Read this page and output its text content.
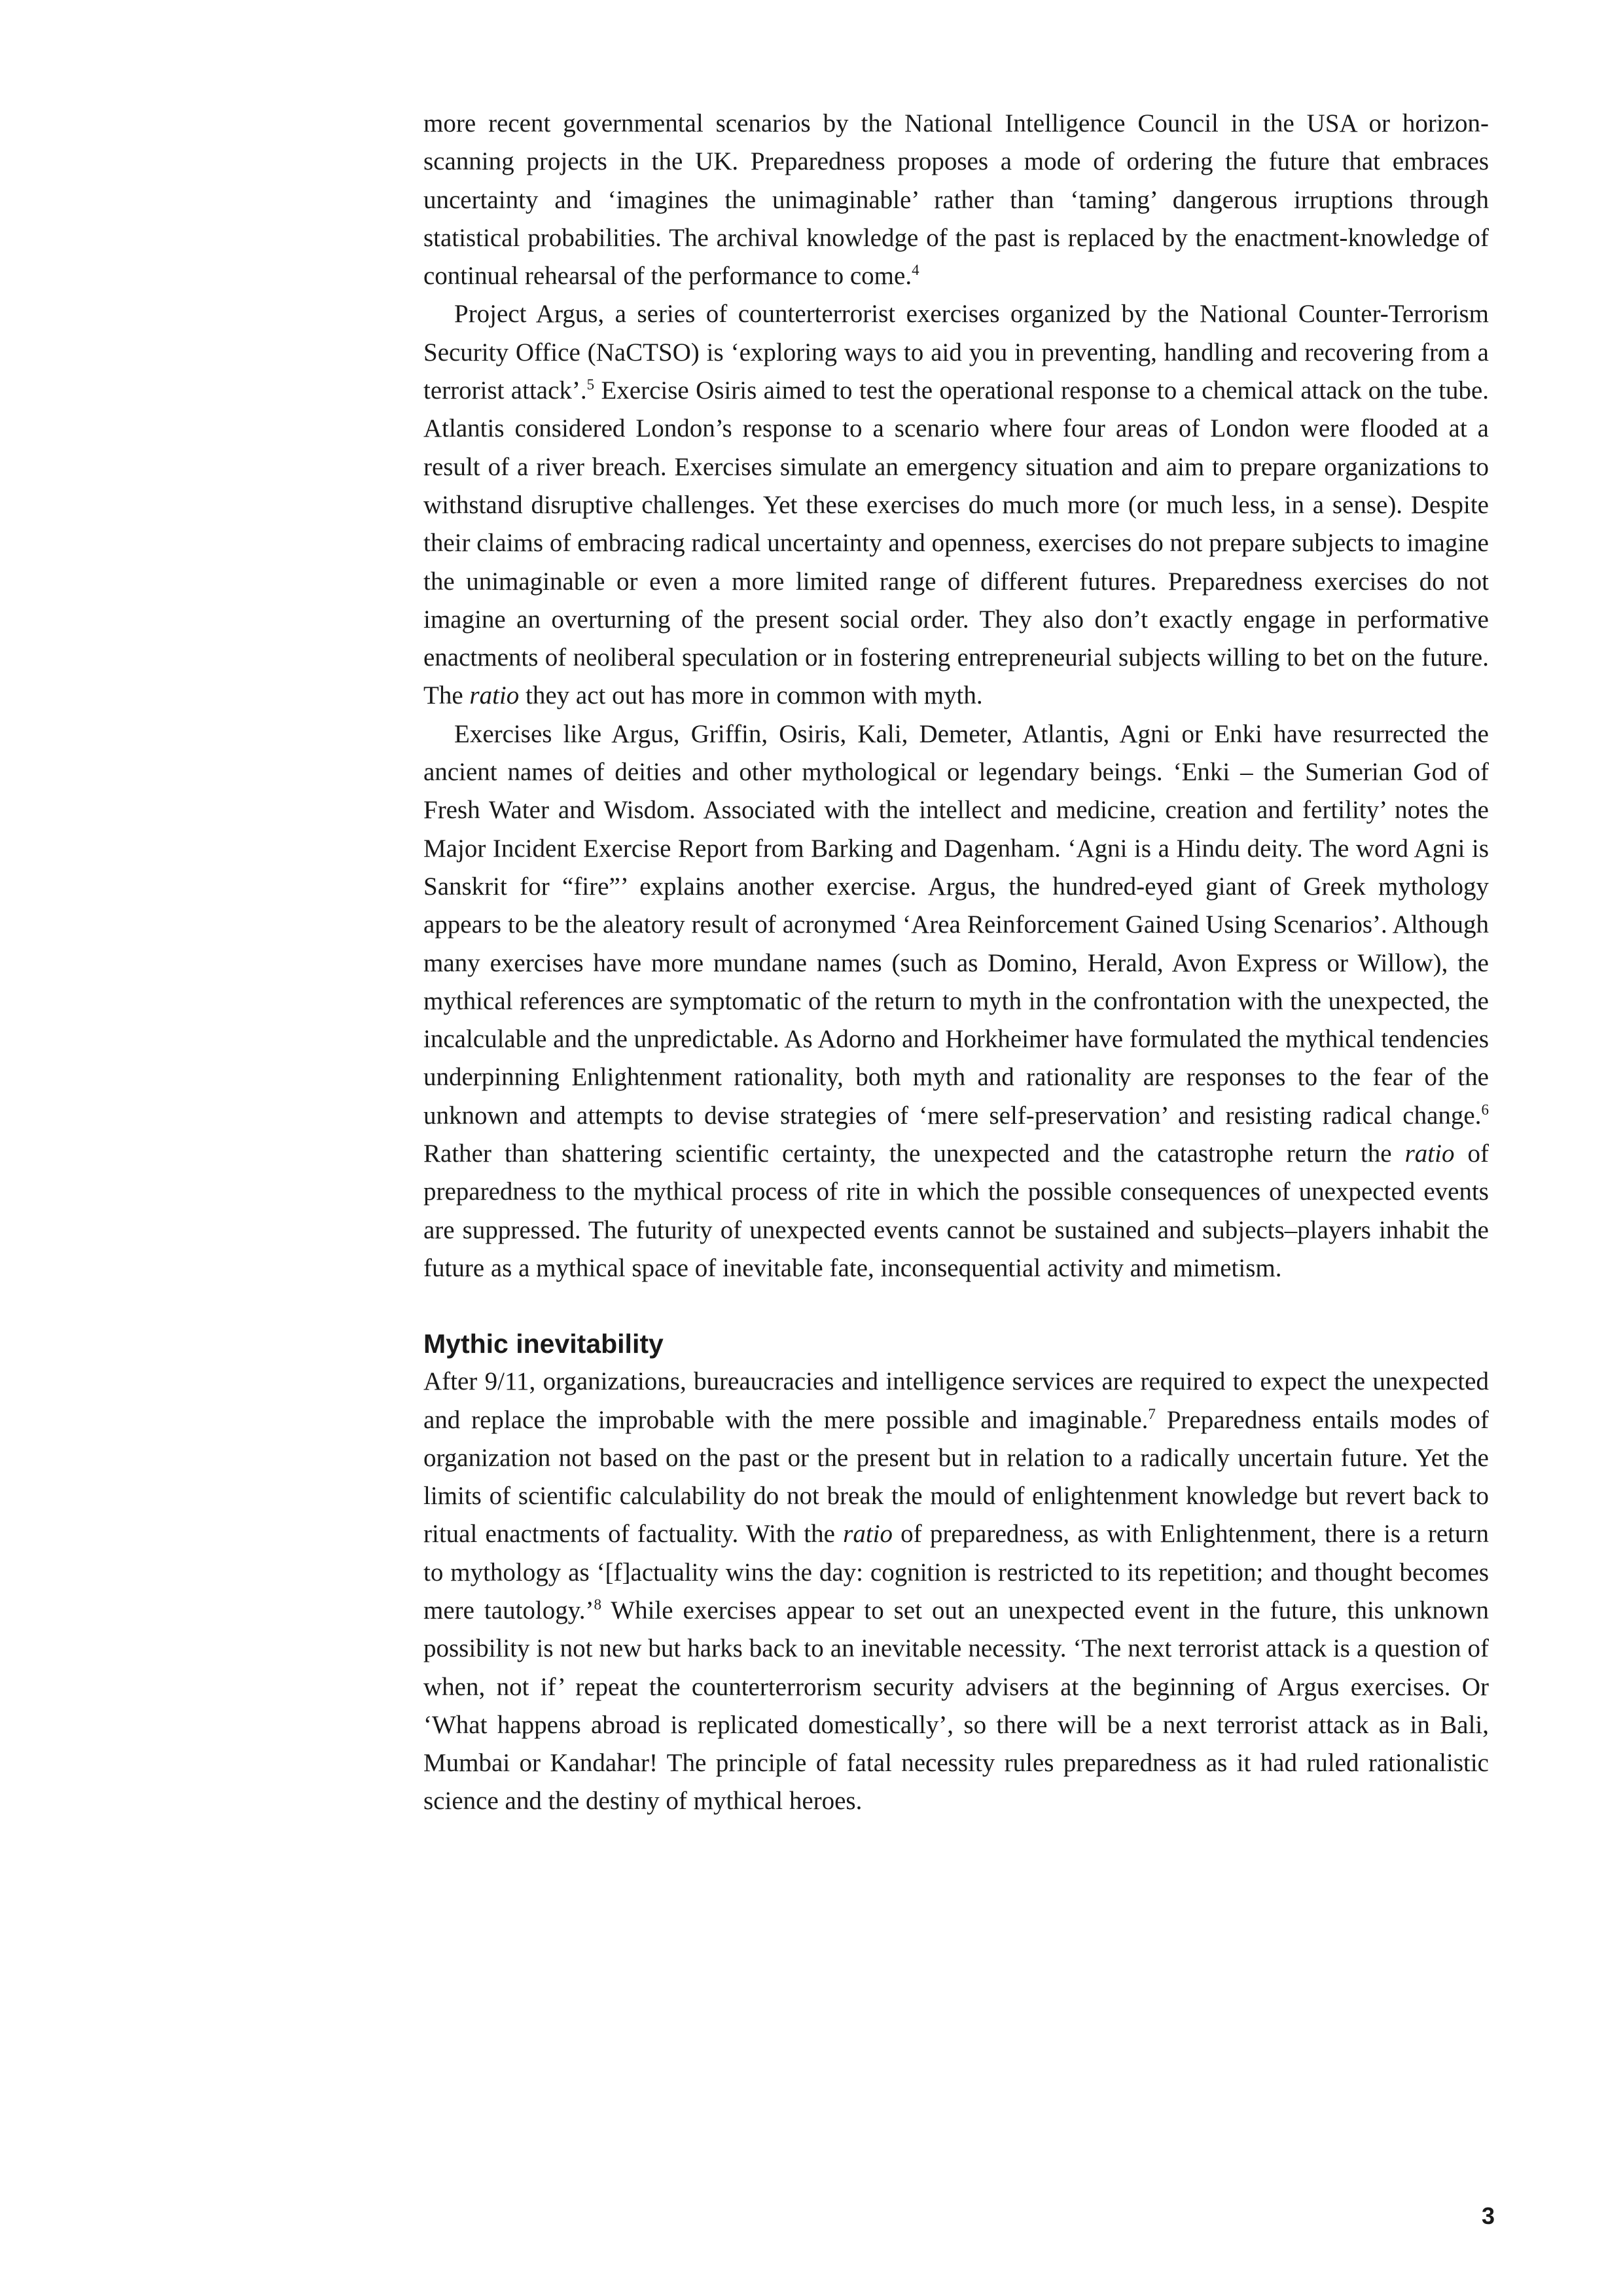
more recent governmental scenarios by the National Intelligence Council in the USA or horizon-scanning projects in the UK. Preparedness proposes a mode of ordering the future that embraces uncertainty and ‘imagines the unimaginable’ rather than ‘taming’ dangerous irruptions through statistical probabilities. The archival knowledge of the past is replaced by the enactment-knowledge of continual rehearsal of the performance to come.$^4$

Project Argus, a series of counterterrorist exercises organized by the National Counter-Terrorism Security Office (NaCTSO) is ‘exploring ways to aid you in preventing, handling and recovering from a terrorist attack’.$^5$ Exercise Osiris aimed to test the operational response to a chemical attack on the tube. Atlantis considered London’s response to a scenario where four areas of London were flooded at a result of a river breach. Exercises simulate an emergency situation and aim to prepare organizations to withstand disruptive challenges. Yet these exercises do much more (or much less, in a sense). Despite their claims of embracing radical uncertainty and openness, exercises do not prepare subjects to imagine the unimaginable or even a more limited range of different futures. Preparedness exercises do not imagine an overturning of the present social order. They also don’t exactly engage in performative enactments of neoliberal speculation or in fostering entrepreneurial subjects willing to bet on the future. The ratio they act out has more in common with myth.

Exercises like Argus, Griffin, Osiris, Kali, Demeter, Atlantis, Agni or Enki have resurrected the ancient names of deities and other mythological or legendary beings. ‘Enki – the Sumerian God of Fresh Water and Wisdom. Associated with the intellect and medicine, creation and fertility’ notes the Major Incident Exercise Report from Barking and Dagenham. ‘Agni is a Hindu deity. The word Agni is Sanskrit for “fire”’ explains another exercise. Argus, the hundred-eyed giant of Greek mythology appears to be the aleatory result of acronymed ‘Area Reinforcement Gained Using Scenarios’. Although many exercises have more mundane names (such as Domino, Herald, Avon Express or Willow), the mythical references are symptomatic of the return to myth in the confrontation with the unexpected, the incalculable and the unpredictable. As Adorno and Horkheimer have formulated the mythical tendencies underpinning Enlightenment rationality, both myth and rationality are responses to the fear of the unknown and attempts to devise strategies of ‘mere self-preservation’ and resisting radical change.$^6$ Rather than shattering scientific certainty, the unexpected and the catastrophe return the ratio of preparedness to the mythical process of rite in which the possible consequences of unexpected events are suppressed. The futurity of unexpected events cannot be sustained and subjects–players inhabit the future as a mythical space of inevitable fate, inconsequential activity and mimetism.

Mythic inevitability

After 9/11, organizations, bureaucracies and intelligence services are required to expect the unexpected and replace the improbable with the mere possible and imaginable.$^7$ Preparedness entails modes of organization not based on the past or the present but in relation to a radically uncertain future. Yet the limits of scientific calculability do not break the mould of enlightenment knowledge but revert back to ritual enactments of factuality. With the ratio of preparedness, as with Enlightenment, there is a return to mythology as ‘[f]actuality wins the day: cognition is restricted to its repetition; and thought becomes mere tautology.’$^8$ While exercises appear to set out an unexpected event in the future, this unknown possibility is not new but harks back to an inevitable necessity. ‘The next terrorist attack is a question of when, not if’ repeat the counterterrorism security advisers at the beginning of Argus exercises. Or ‘What happens abroad is replicated domestically’, so there will be a next terrorist attack as in Bali, Mumbai or Kandahar! The principle of fatal necessity rules preparedness as it had ruled rationalistic science and the destiny of mythical heroes.

3
